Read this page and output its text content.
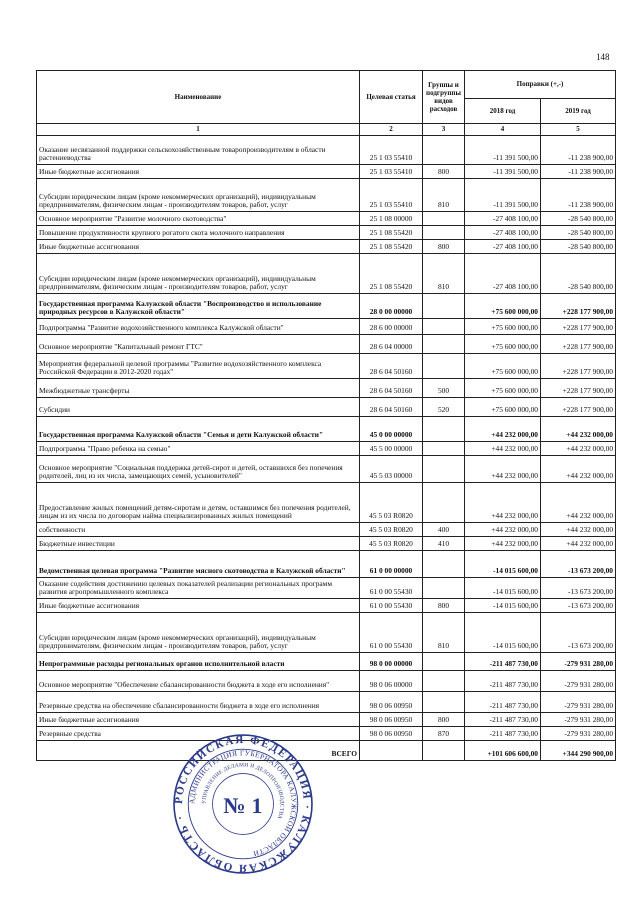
148
Наименование	Целевая статья	Группы и подгруппы видов расходов	Поправки (+,-)	
			2018 год	2019 год
1	2	3	4	5
Оказание несвязанной поддержки сельскохозяйственным товаропроизводителям в области растениеводства	25 1 03 55410		-11 391 500,00	-11 238 900,00
Иные бюджетные ассигнования	25 1 03 55410	800	-11 391 500,00	-11 238 900,00
Субсидии юридическим лицам (кроме некоммерческих организаций), индивидуальным предпринимателям, физическим лицам - производителям товаров, работ, услуг	25 1 03 55410	810	-11 391 500,00	-11 238 900,00
Основное мероприятие "Развитие молочного скотоводства"	25 1 08 00000		-27 408 100,00	-28 540 800,00
Повышение продуктивности крупного рогатого скота молочного направления	25 1 08 55420		-27 408 100,00	-28 540 800,00
Иные бюджетные ассигнования	25 1 08 55420	800	-27 408 100,00	-28 540 800,00
Субсидии юридическим лицам (кроме некоммерческих организаций), индивидуальным предпринимателям, физическим лицам - производителям товаров, работ, услуг	25 1 08 55420	810	-27 408 100,00	-28 540 800,00
Государственная программа Калужской области "Воспроизводство и использование природных ресурсов в Калужской области"	28 0 00 00000		+75 600 000,00	+228 177 900,00
Подпрограмма "Развитие водохозяйственного комплекса Калужской области"	28 6 00 00000		+75 600 000,00	+228 177 900,00
Основное мероприятие "Капитальный ремонт ГТС"	28 6 04 00000		+75 600 000,00	+228 177 900,00
Мероприятия федеральной целевой программы "Развитие водохозяйственного комплекса Российской Федерации в 2012-2020 годах"	28 6 04 50160		+75 600 000,00	+228 177 900,00
Межбюджетные трансферты	28 6 04 50160	500	+75 600 000,00	+228 177 900,00
Субсидии	28 6 04 50160	520	+75 600 000,00	+228 177 900,00
Государственная программа Калужской области "Семья и дети Калужской области"	45 0 00 00000		+44 232 000,00	+44 232 000,00
Подпрограмма "Право ребенка на семью"	45 5 00 00000		+44 232 000,00	+44 232 000,00
Основное мероприятие "Социальная поддержка детей-сирот и детей, оставшихся без попечения родителей, лиц из их числа, замещающих семей, усыновителей"	45 5 03 00000		+44 232 000,00	+44 232 000,00
Предоставление жилых помещений детям-сиротам и детям, оставшимся без попечения родителей, лицам из их числа по договорам найма специализированных жилых помещений	45 5 03 R0820		+44 232 000,00	+44 232 000,00
собственности	45 5 03 R0820	400	+44 232 000,00	+44 232 000,00
Бюджетные инвестиции	45 5 03 R0820	410	+44 232 000,00	+44 232 000,00
Ведомственная целевая программа "Развитие мясного скотоводства в Калужской области"	61 0 00 00000		-14 015 600,00	-13 673 200,00
Оказание содействия достижению целевых показателей реализации региональных программ развития агропромышленного комплекса	61 0 00 55430		-14 015 600,00	-13 673 200,00
Иные бюджетные ассигнования	61 0 00 55430	800	-14 015 600,00	-13 673 200,00
Субсидии юридическим лицам (кроме некоммерческих организаций), индивидуальным предпринимателям, физическим лицам - производителям товаров, работ, услуг	61 0 00 55430	810	-14 015 600,00	-13 673 200,00
Непрограммные расходы региональных органов исполнительной власти	98 0 00 00000		-211 487 730,00	-279 931 280,00
Основное мероприятие "Обеспечение сбалансированности бюджета в ходе его исполнения"	98 0 06 00000		-211 487 730,00	-279 931 280,00
Резервные средства на обеспечение сбалансированности бюджета в ходе его исполнения	98 0 06 00950		-211 487 730,00	-279 931 280,00
Иные бюджетные ассигнования	98 0 06 00950	800	-211 487 730,00	-279 931 280,00
Резервные средства	98 0 06 00950	870	-211 487 730,00	-279 931 280,00
ВСЕГО			+101 606 600,00	+344 290 900,00
РОССИЙСКАЯ ФЕДЕРАЦИЯ · КАЛУЖСКАЯ ОБЛАСТЬ ·
АДМИНИСТРАЦИЯ ГУБЕРНАТОРА КАЛУЖСКОЙ ОБЛАСТИ
УПРАВЛЕНИЕ ДЕЛАМИ И ДЕЛОПРОИЗВОДСТВА
№ 1
